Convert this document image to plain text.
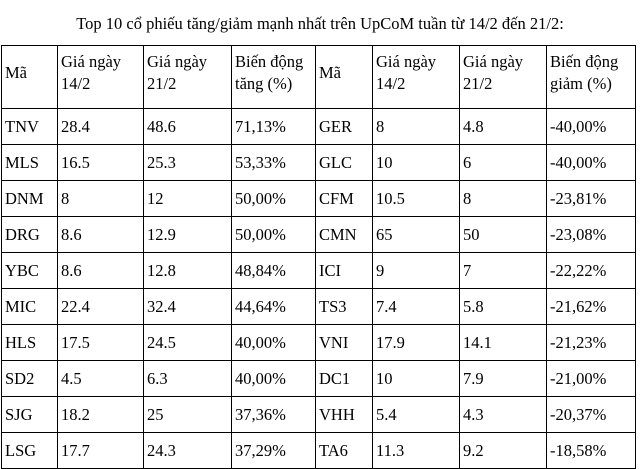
Top 10 cổ phiếu tăng/giảm mạnh nhất trên UpCoM tuần từ 14/2 đến 21/2:
Mã	Giá ngày 14/2	Giá ngày 21/2	Biến động tăng (%)	Mã	Giá ngày 14/2	Giá ngày 21/2	Biến động giảm (%)
TNV	28.4	48.6	71,13%	GER	8	4.8	-40,00%
MLS	16.5	25.3	53,33%	GLC	10	6	-40,00%
DNM	8	12	50,00%	CFM	10.5	8	-23,81%
DRG	8.6	12.9	50,00%	CMN	65	50	-23,08%
YBC	8.6	12.8	48,84%	ICI	9	7	-22,22%
MIC	22.4	32.4	44,64%	TS3	7.4	5.8	-21,62%
HLS	17.5	24.5	40,00%	VNI	17.9	14.1	-21,23%
SD2	4.5	6.3	40,00%	DC1	10	7.9	-21,00%
SJG	18.2	25	37,36%	VHH	5.4	4.3	-20,37%
LSG	17.7	24.3	37,29%	TA6	11.3	9.2	-18,58%
